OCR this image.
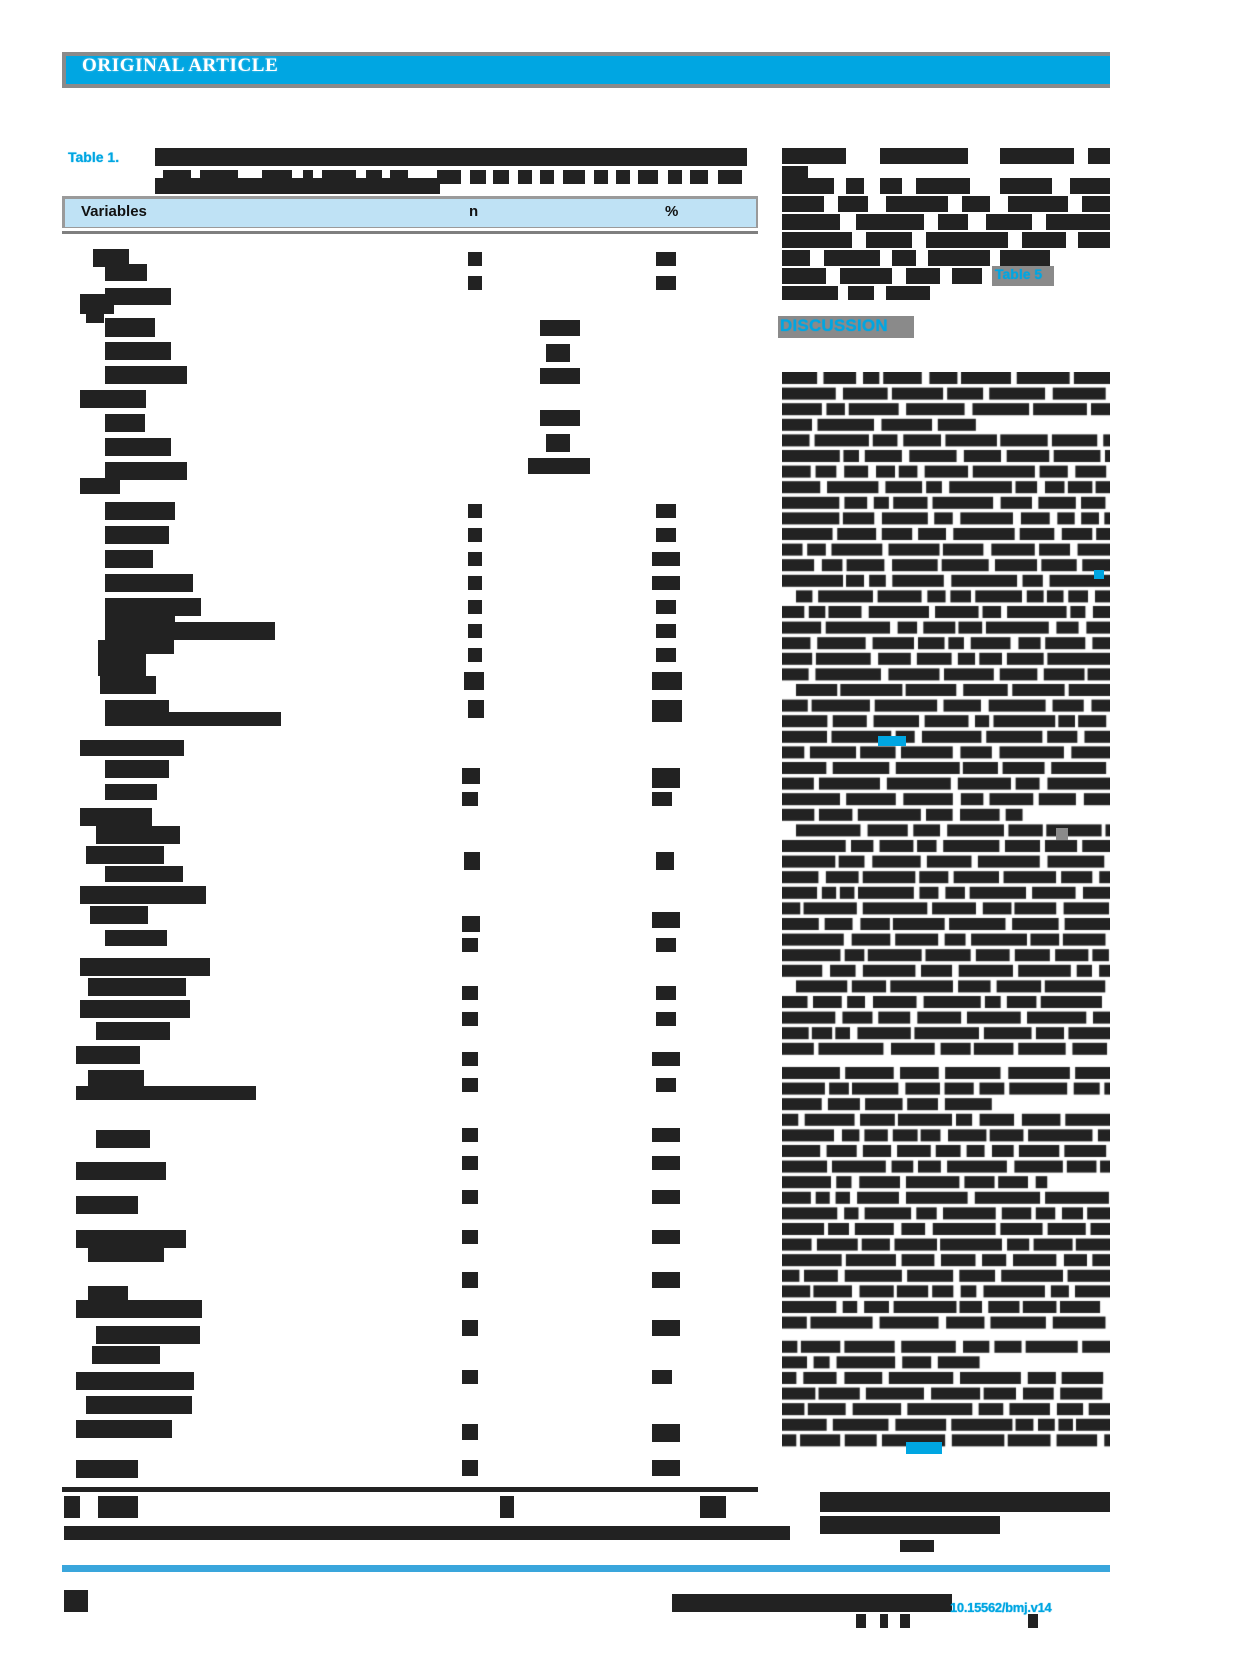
ORIGINAL ARTICLE
Table 1.
Variables	n	%
Table 5
DISCUSSION
10.15562/bmj.v14
